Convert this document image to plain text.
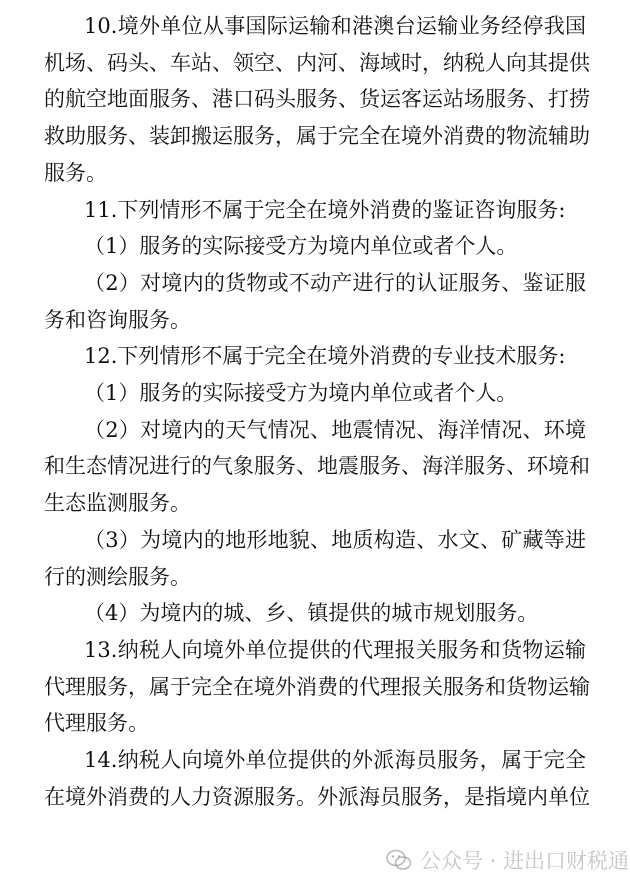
10.境外单位从事国际运输和港澳台运输业务经停我国
机场、码头、车站、领空、内河、海域时，纳税人向其提供
的航空地面服务、港口码头服务、货运客运站场服务、打捞
救助服务、装卸搬运服务，属于完全在境外消费的物流辅助
服务。
11.下列情形不属于完全在境外消费的鉴证咨询服务:
（1）服务的实际接受方为境内单位或者个人。
（2）对境内的货物或不动产进行的认证服务、鉴证服
务和咨询服务。
12.下列情形不属于完全在境外消费的专业技术服务:
（1）服务的实际接受方为境内单位或者个人。
（2）对境内的天气情况、地震情况、海洋情况、环境
和生态情况进行的气象服务、地震服务、海洋服务、环境和
生态监测服务。
（3）为境内的地形地貌、地质构造、水文、矿藏等进
行的测绘服务。
（4）为境内的城、乡、镇提供的城市规划服务。
13.纳税人向境外单位提供的代理报关服务和货物运输
代理服务，属于完全在境外消费的代理报关服务和货物运输
代理服务。
14.纳税人向境外单位提供的外派海员服务，属于完全
在境外消费的人力资源服务。外派海员服务，是指境内单位
公众号 · 进出口财税通
